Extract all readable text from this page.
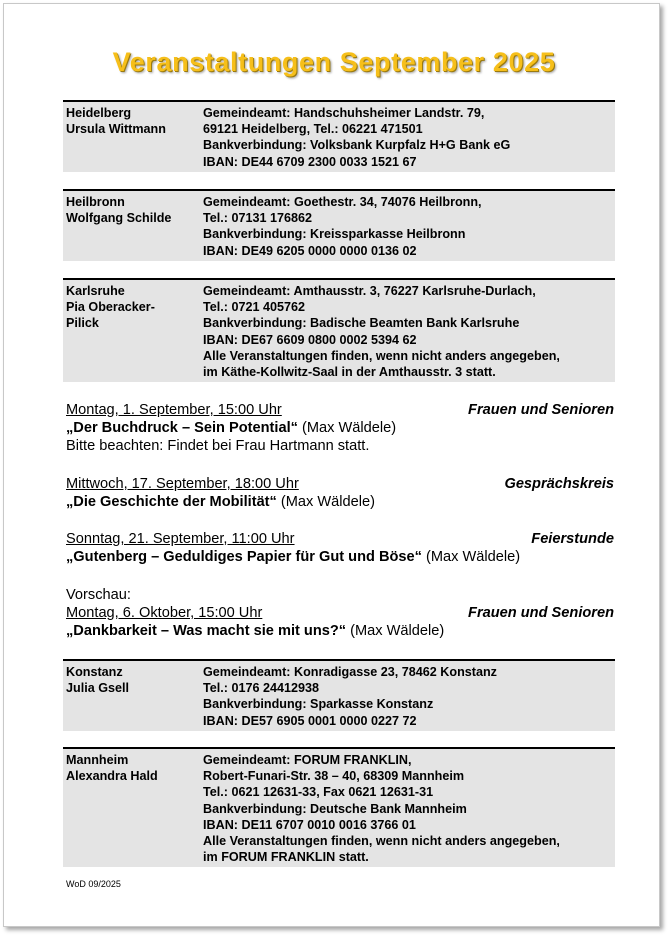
Veranstaltungen September 2025
Heidelberg
Ursula Wittmann
Gemeindeamt: Handschuhsheimer Landstr. 79,
69121 Heidelberg, Tel.: 06221 471501
Bankverbindung: Volksbank Kurpfalz H+G Bank eG
IBAN: DE44 6709 2300 0033 1521 67
Heilbronn
Wolfgang Schilde
Gemeindeamt: Goethestr. 34, 74076 Heilbronn,
Tel.: 07131 176862
Bankverbindung: Kreissparkasse Heilbronn
IBAN: DE49 6205 0000 0000 0136 02
Karlsruhe
Pia Oberacker-
Pilick
Gemeindeamt: Amthausstr. 3, 76227 Karlsruhe-Durlach,
Tel.: 0721 405762
Bankverbindung: Badische Beamten Bank Karlsruhe
IBAN: DE67 6609 0800 0002 5394 62
Alle Veranstaltungen finden, wenn nicht anders angegeben,
im Käthe-Kollwitz-Saal in der Amthausstr. 3 statt.
Montag, 1. September, 15:00 Uhr	Frauen und Senioren
„Der Buchdruck – Sein Potential“ (Max Wäldele)
Bitte beachten: Findet bei Frau Hartmann statt.
Mittwoch, 17. September, 18:00 Uhr	Gesprächskreis
„Die Geschichte der Mobilität“ (Max Wäldele)
Sonntag, 21. September, 11:00 Uhr	Feierstunde
„Gutenberg – Geduldiges Papier für Gut und Böse“ (Max Wäldele)
Vorschau:
Montag, 6. Oktober, 15:00 Uhr	Frauen und Senioren
„Dankbarkeit – Was macht sie mit uns?“ (Max Wäldele)
Konstanz
Julia Gsell
Gemeindeamt: Konradigasse 23, 78462 Konstanz
Tel.: 0176 24412938
Bankverbindung: Sparkasse Konstanz
IBAN: DE57 6905 0001 0000 0227 72
Mannheim
Alexandra Hald
Gemeindeamt: FORUM FRANKLIN,
Robert-Funari-Str. 38 – 40, 68309 Mannheim
Tel.: 0621 12631-33, Fax 0621 12631-31
Bankverbindung: Deutsche Bank Mannheim
IBAN: DE11 6707 0010 0016 3766 01
Alle Veranstaltungen finden, wenn nicht anders angegeben,
im FORUM FRANKLIN statt.
WoD 09/2025
